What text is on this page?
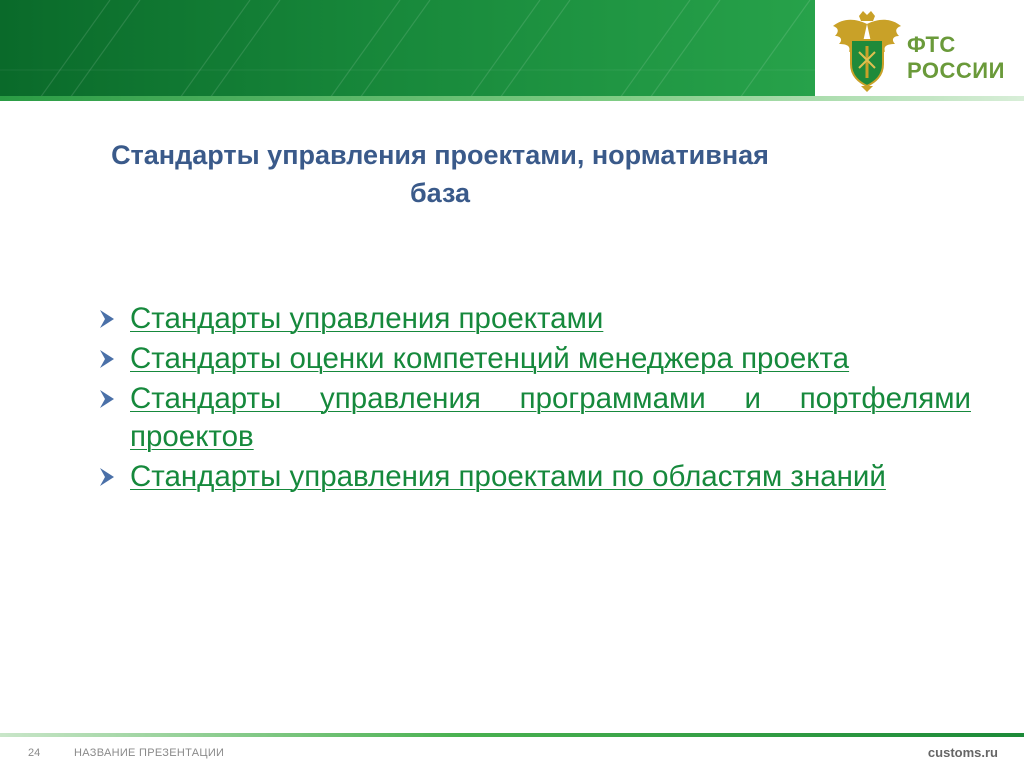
ФТС
РОССИИ
Стандарты управления проектами, нормативная база
Стандарты управления проектами
Стандарты оценки компетенций менеджера проекта
Стандарты управления программами и портфелями проектов
Стандарты управления проектами по областям знаний
24	НАЗВАНИЕ ПРЕЗЕНТАЦИИ	customs.ru
